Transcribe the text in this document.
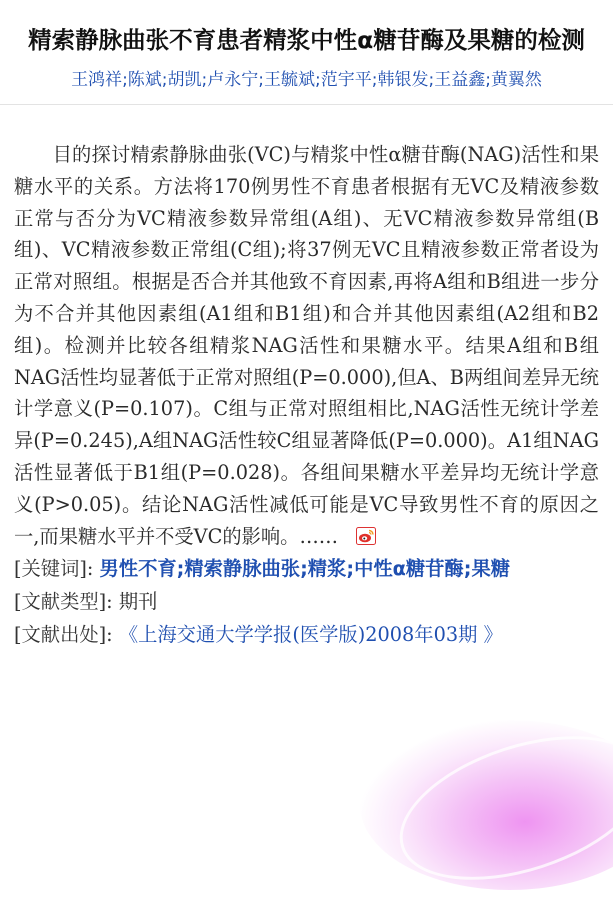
精索静脉曲张不育患者精浆中性α糖苷酶及果糖的检测
王鸿祥;陈斌;胡凯;卢永宁;王毓斌;范宇平;韩银发;王益鑫;黄翼然
目的探讨精索静脉曲张(VC)与精浆中性α糖苷酶(NAG)活性和果糖水平的关系。方法将170例男性不育患者根据有无VC及精液参数正常与否分为VC精液参数异常组(A组)、无VC精液参数异常组(B组)、VC精液参数正常组(C组);将37例无VC且精液参数正常者设为正常对照组。根据是否合并其他致不育因素,再将A组和B组进一步分为不合并其他因素组(A1组和B1组)和合并其他因素组(A2组和B2组)。检测并比较各组精浆NAG活性和果糖水平。结果A组和B组NAG活性均显著低于正常对照组(P=0.000),但A、B两组间差异无统计学意义(P=0.107)。C组与正常对照组相比,NAG活性无统计学差异(P=0.245),A组NAG活性较C组显著降低(P=0.000)。A1组NAG活性显著低于B1组(P=0.028)。各组间果糖水平差异均无统计学意义(P>0.05)。结论NAG活性减低可能是VC导致男性不育的原因之一,而果糖水平并不受VC的影响。……
[关键词]: 男性不育;精索静脉曲张;精浆;中性α糖苷酶;果糖
[文献类型]: 期刊
[文献出处]: 《上海交通大学学报(医学版)2008年03期 》
